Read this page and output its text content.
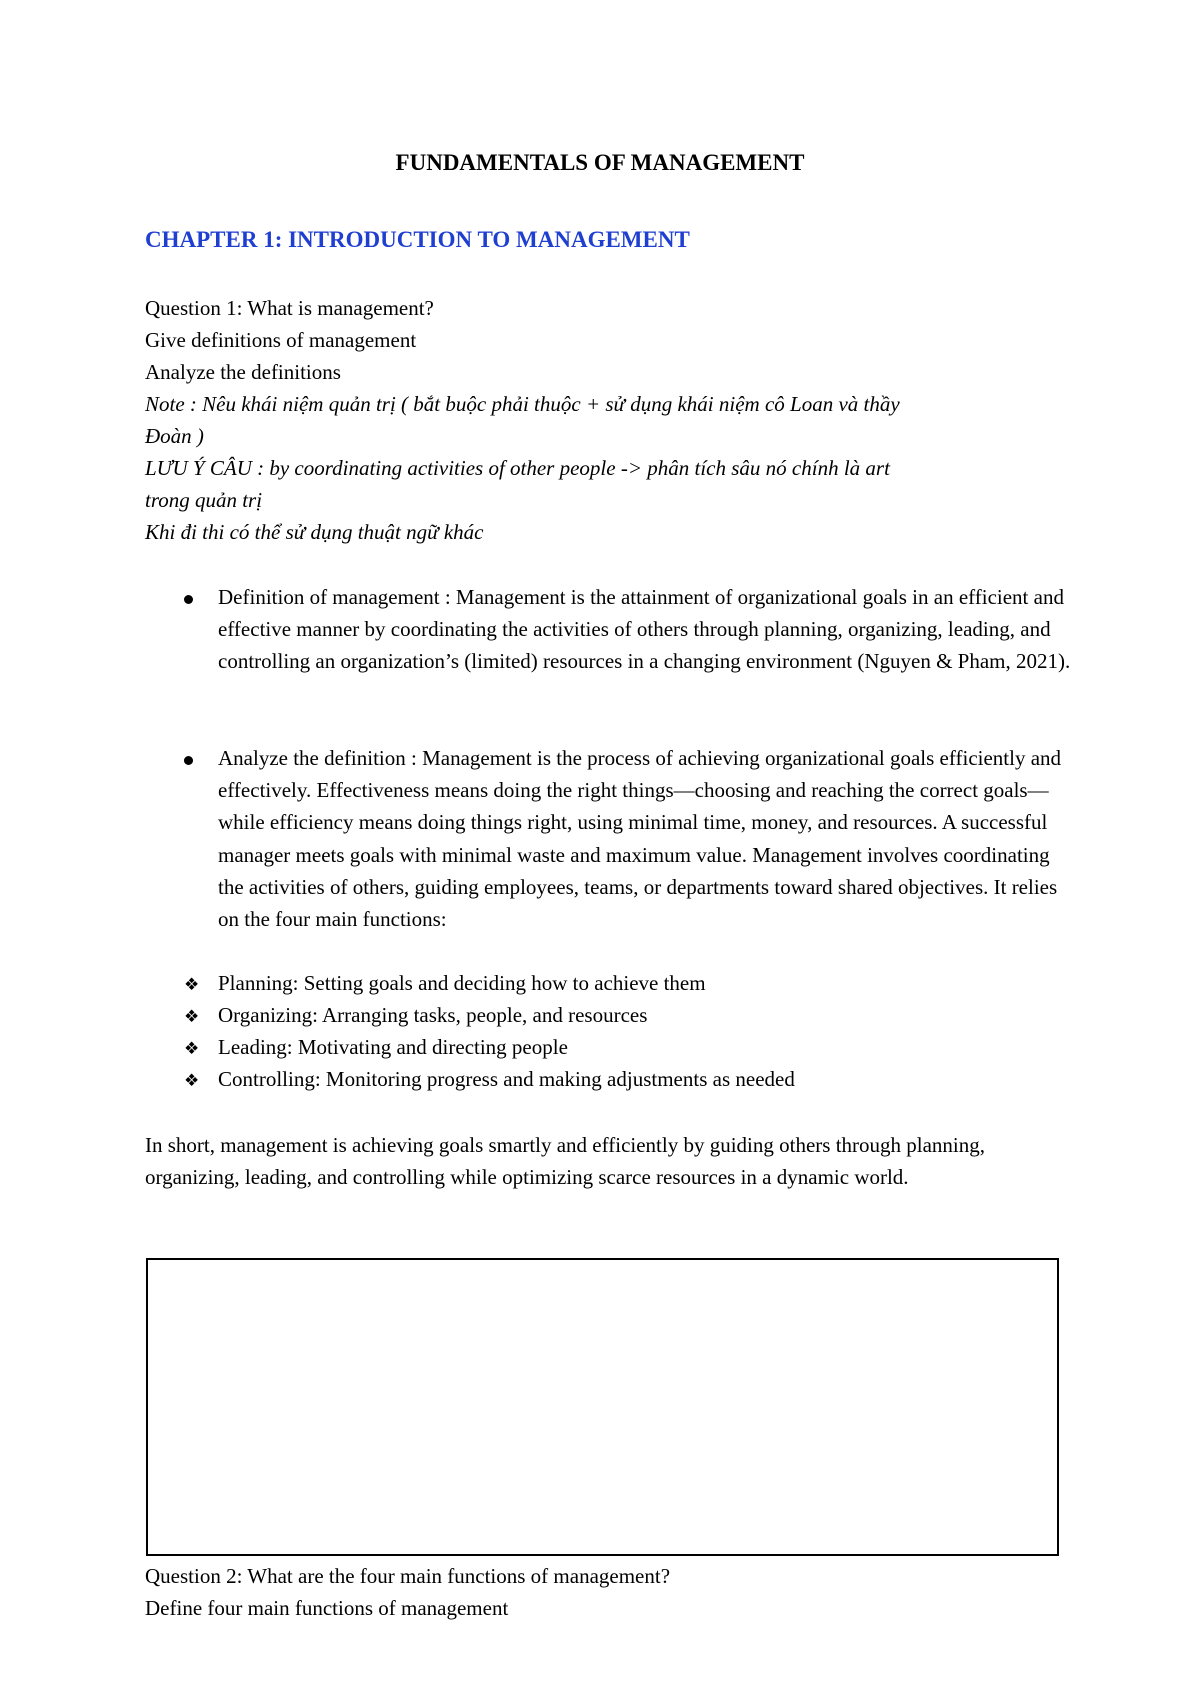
FUNDAMENTALS OF MANAGEMENT
CHAPTER 1: INTRODUCTION TO MANAGEMENT
Question 1: What is management?
Give definitions of management
Analyze the definitions
Note : Nêu khái niệm quản trị ( bắt buộc phải thuộc + sử dụng khái niệm cô Loan và thầy
Đoàn )
LƯU Ý CÂU : by coordinating activities of other people -> phân tích sâu nó chính là art
trong quản trị
Khi đi thi có thể sử dụng thuật ngữ khác
Definition of management : Management is the attainment of organizational goals in an efficient and effective manner by coordinating the activities of others through planning, organizing, leading, and controlling an organization’s (limited) resources in a changing environment (Nguyen & Pham, 2021).
Analyze the definition : Management is the process of achieving organizational goals efficiently and effectively. Effectiveness means doing the right things—choosing and reaching the correct goals—while efficiency means doing things right, using minimal time, money, and resources. A successful manager meets goals with minimal waste and maximum value. Management involves coordinating the activities of others, guiding employees, teams, or departments toward shared objectives. It relies on the four main functions:
❖ Planning: Setting goals and deciding how to achieve them
❖ Organizing: Arranging tasks, people, and resources
❖ Leading: Motivating and directing people
❖ Controlling: Monitoring progress and making adjustments as needed
In short, management is achieving goals smartly and efficiently by guiding others through planning, organizing, leading, and controlling while optimizing scarce resources in a dynamic world.
Question 2: What are the four main functions of management?
Define four main functions of management
